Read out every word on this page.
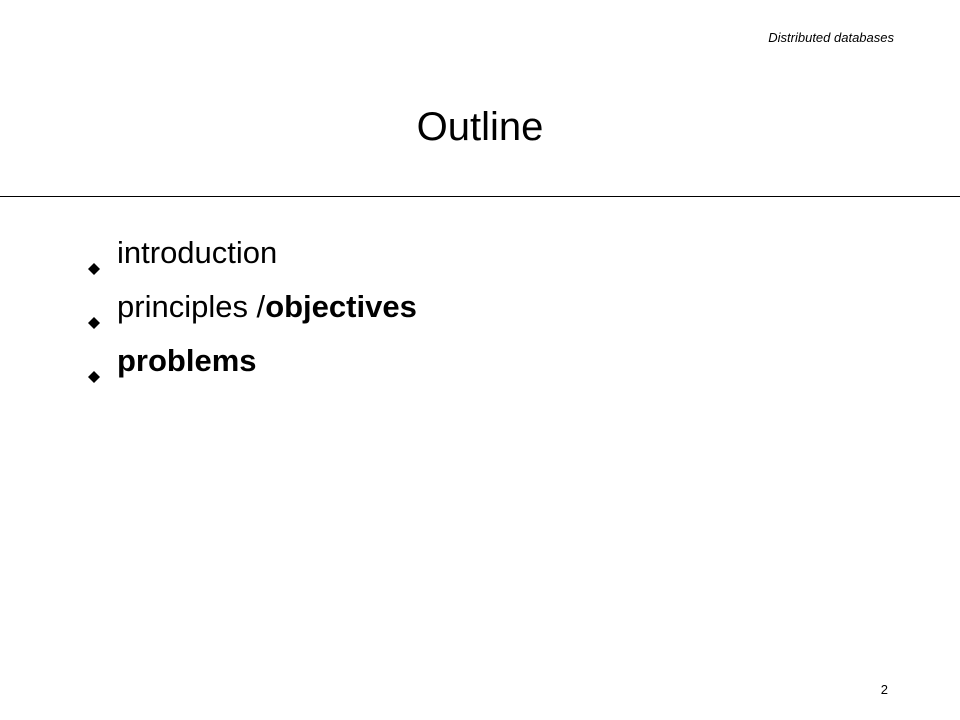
Distributed databases
Outline
introduction
principles / objectives
problems
2
